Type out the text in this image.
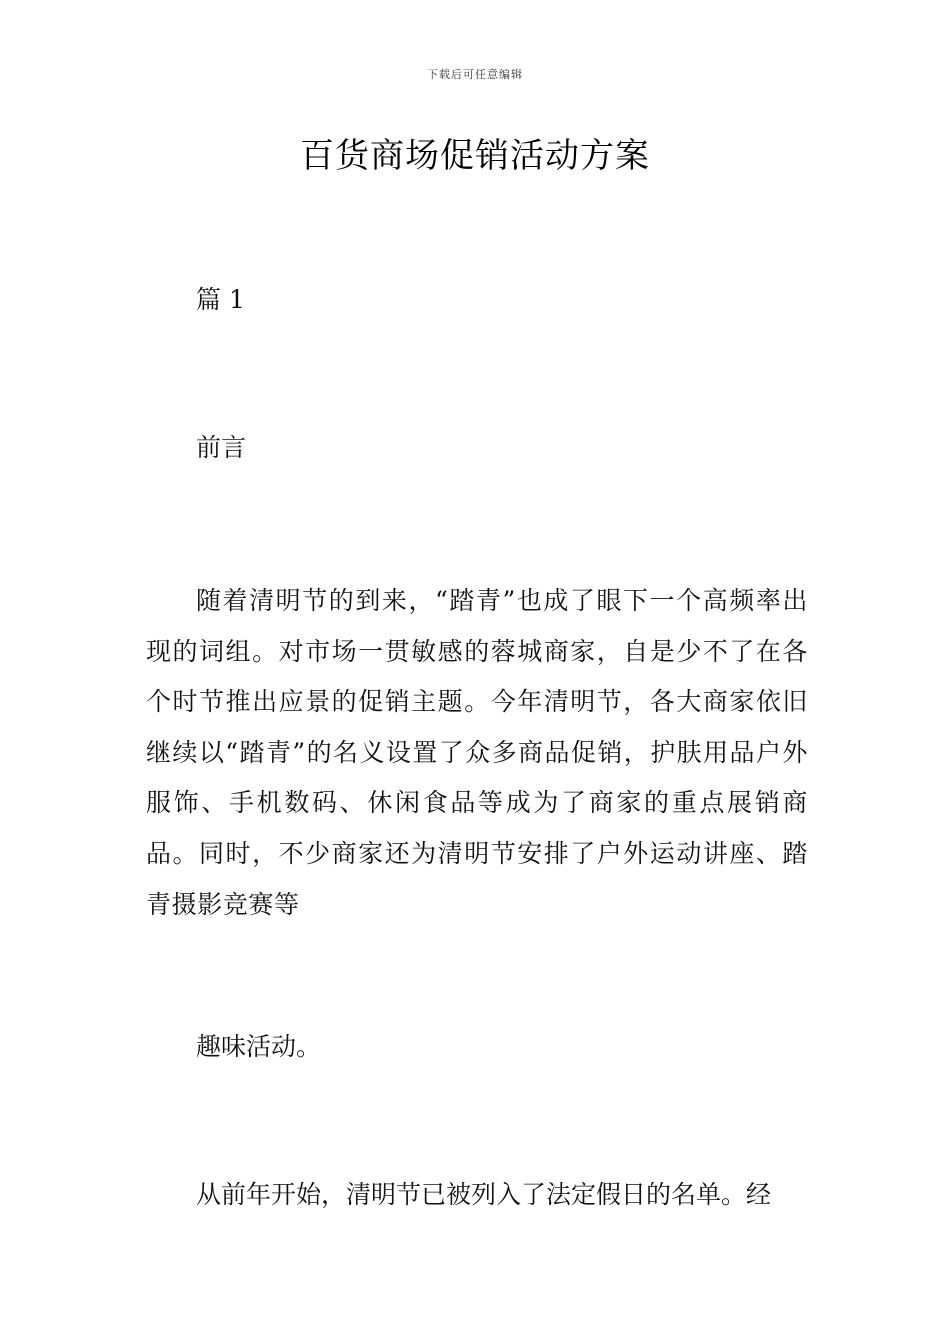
下载后可任意编辑
百货商场促销活动方案
篇 1
前言

随着清明节的到来，“踏青”也成了眼下一个高频率出现的词组。对市场一贯敏感的蓉城商家，自是少不了在各个时节推出应景的促销主题。今年清明节，各大商家依旧继续以“踏青”的名义设置了众多商品促销，护肤用品户外服饰、手机数码、休闲食品等成为了商家的重点展销商品。同时，不少商家还为清明节安排了户外运动讲座、踏青摄影竞赛等

趣味活动。
从前年开始，清明节已被列入了法定假日的名单。经
